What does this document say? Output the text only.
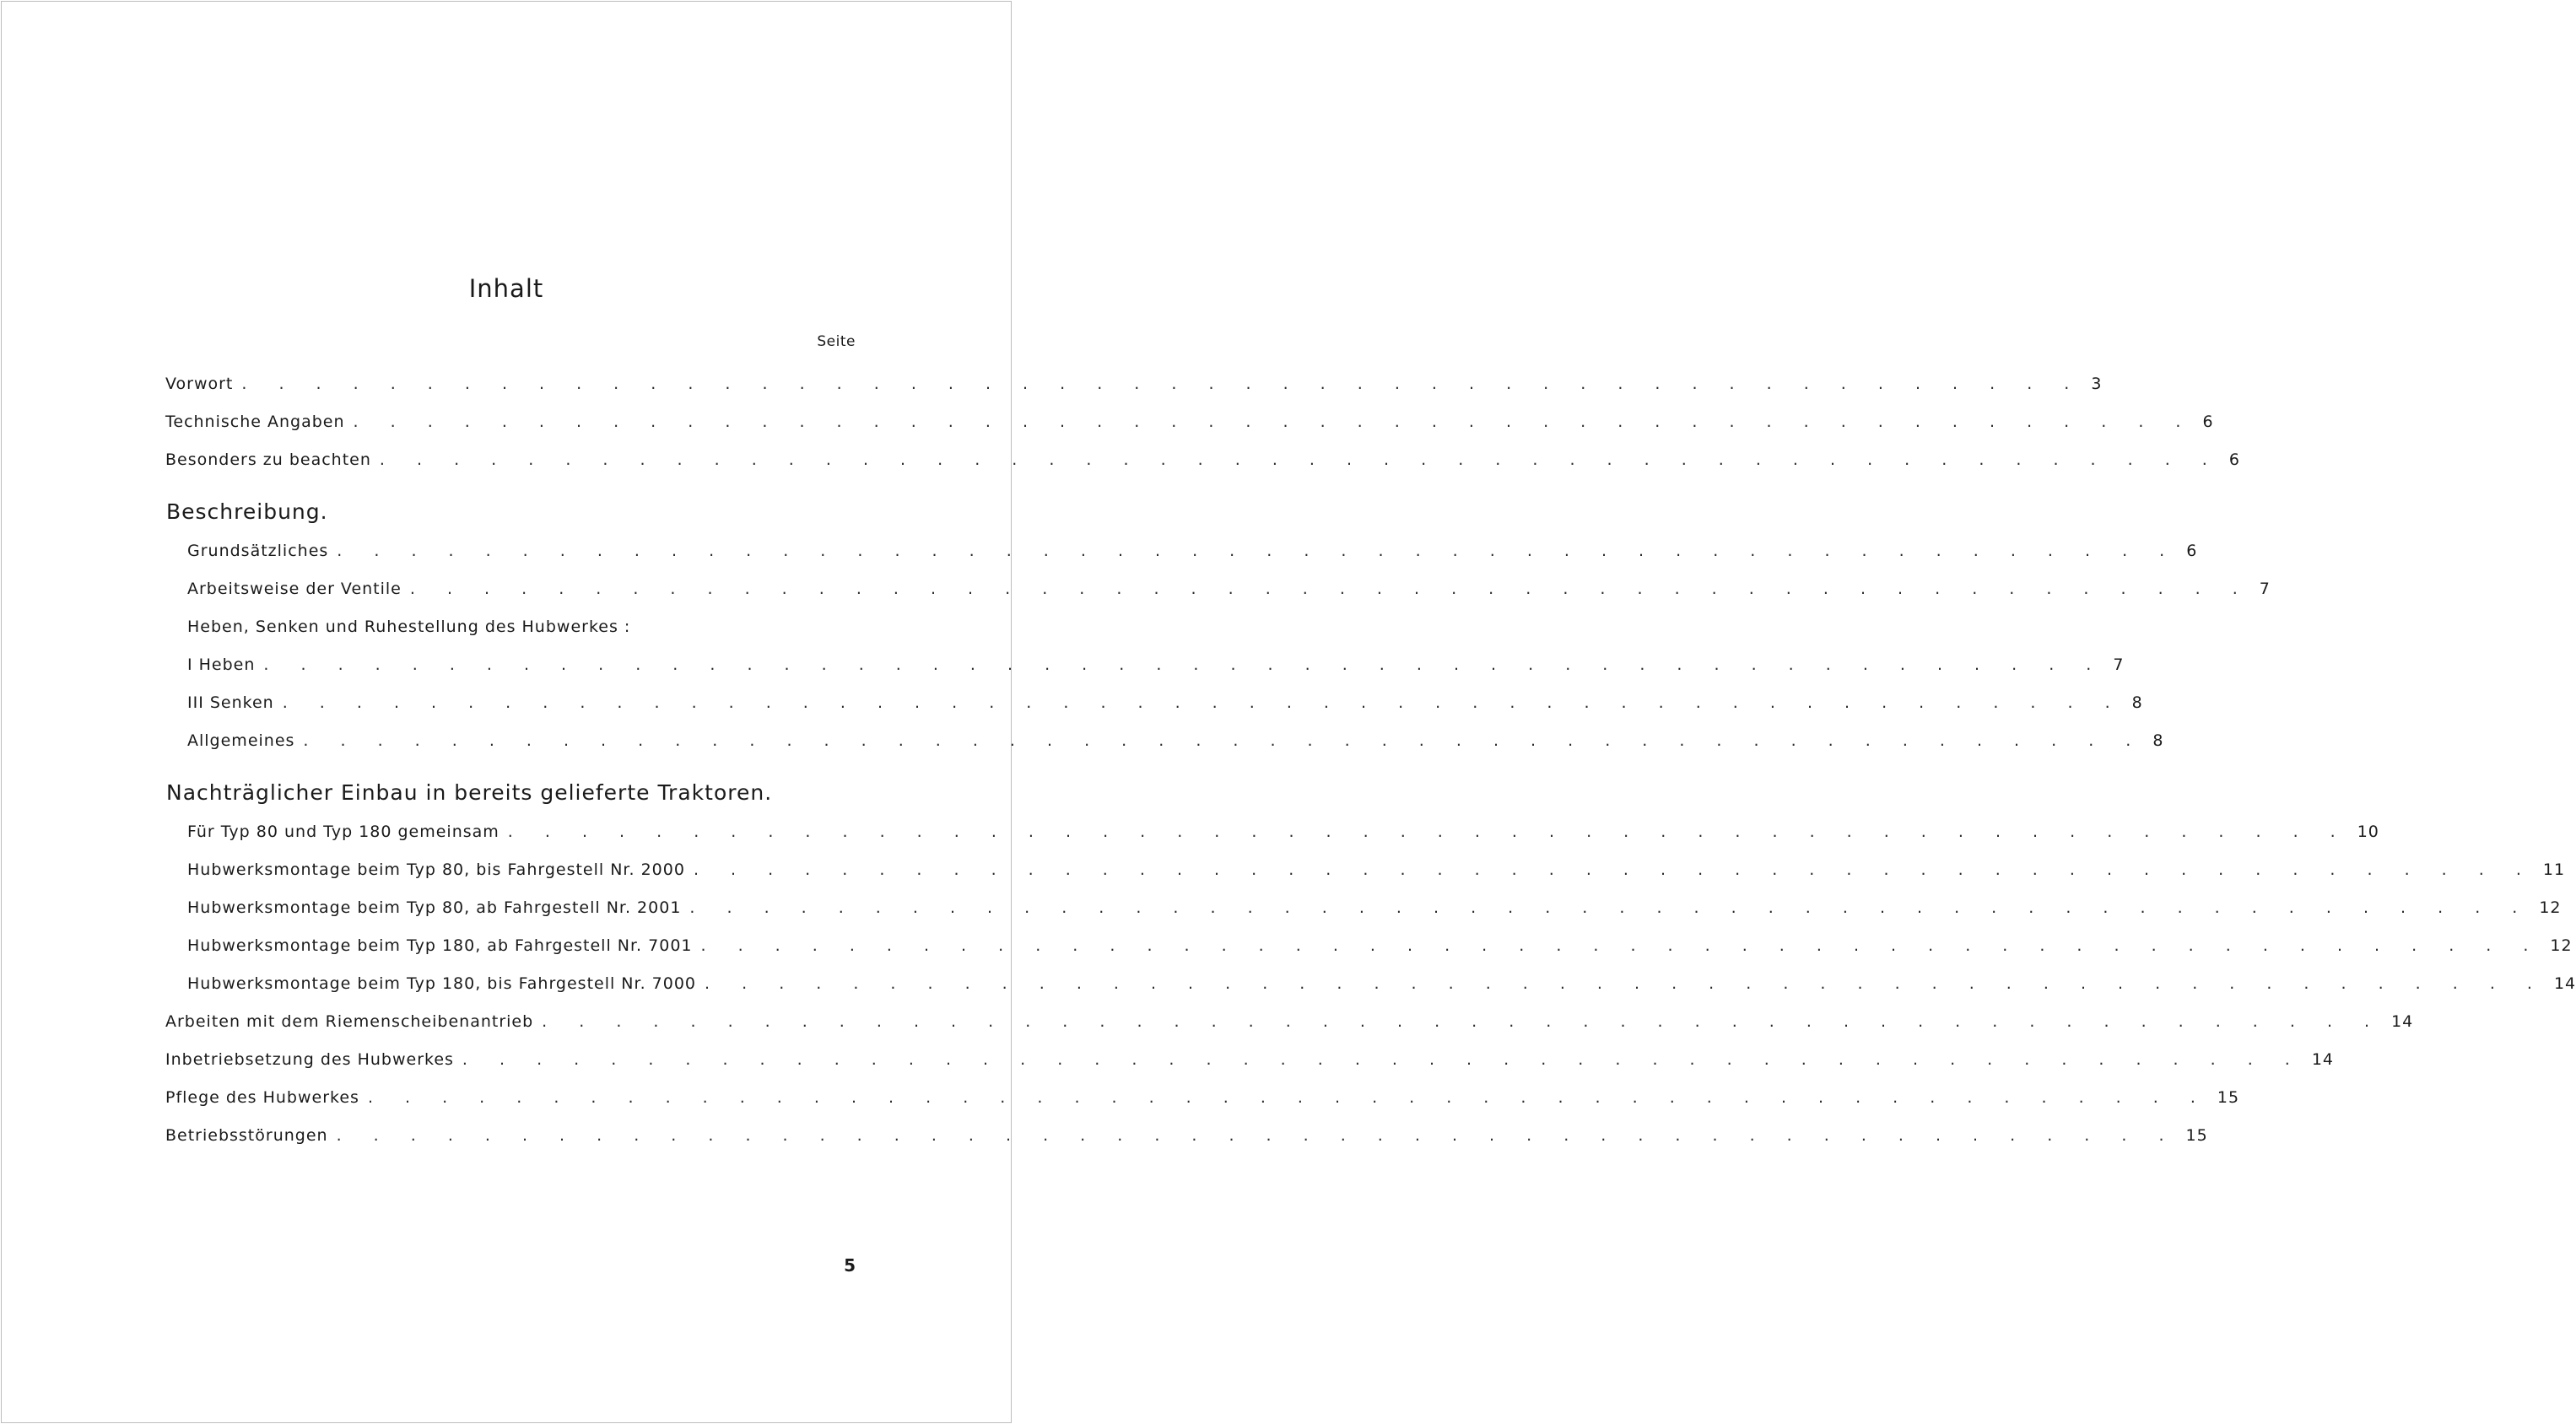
Inhalt
Seite
Vorwort . . . . . . . . . . . . . . . . . . . . . . . . . . . . . . . . . . . . . . . . . . . . . . . . . . 3
Technische Angaben . . . . . . . . . . . . . . . . . . . . . . . . . . . . . . . . . . . . . . . . . . . . . . . . . . 6
Besonders zu beachten . . . . . . . . . . . . . . . . . . . . . . . . . . . . . . . . . . . . . . . . . . . . . . . . . . 6
Beschreibung.
Grundsätzliches . . . . . . . . . . . . . . . . . . . . . . . . . . . . . . . . . . . . . . . . . . . . . . . . . . 6
Arbeitsweise der Ventile . . . . . . . . . . . . . . . . . . . . . . . . . . . . . . . . . . . . . . . . . . . . . . . . . . 7
Heben, Senken und Ruhestellung des Hubwerkes :
I Heben . . . . . . . . . . . . . . . . . . . . . . . . . . . . . . . . . . . . . . . . . . . . . . . . . . 7
III Senken . . . . . . . . . . . . . . . . . . . . . . . . . . . . . . . . . . . . . . . . . . . . . . . . . . 8
Allgemeines . . . . . . . . . . . . . . . . . . . . . . . . . . . . . . . . . . . . . . . . . . . . . . . . . . 8
Nachträglicher Einbau in bereits gelieferte Traktoren.
Für Typ 80 und Typ 180 gemeinsam . . . . . . . . . . . . . . . . . . . . . . . . . . . . . . . . . . . . . . . . . . . . . . . . . . 10
Hubwerksmontage beim Typ 80, bis Fahrgestell Nr. 2000 . . . . . . . . . . . . . . . . . . . . . . . . . . . . . . . . . . . . . . . . . . . . . . . . . . 11
Hubwerksmontage beim Typ 80, ab Fahrgestell Nr. 2001 . . . . . . . . . . . . . . . . . . . . . . . . . . . . . . . . . . . . . . . . . . . . . . . . . . 12
Hubwerksmontage beim Typ 180, ab Fahrgestell Nr. 7001 . . . . . . . . . . . . . . . . . . . . . . . . . . . . . . . . . . . . . . . . . . . . . . . . . . 12
Hubwerksmontage beim Typ 180, bis Fahrgestell Nr. 7000 . . . . . . . . . . . . . . . . . . . . . . . . . . . . . . . . . . . . . . . . . . . . . . . . . . 14
Arbeiten mit dem Riemenscheibenantrieb . . . . . . . . . . . . . . . . . . . . . . . . . . . . . . . . . . . . . . . . . . . . . . . . . . 14
Inbetriebsetzung des Hubwerkes . . . . . . . . . . . . . . . . . . . . . . . . . . . . . . . . . . . . . . . . . . . . . . . . . . 14
Pflege des Hubwerkes . . . . . . . . . . . . . . . . . . . . . . . . . . . . . . . . . . . . . . . . . . . . . . . . . . 15
Betriebsstörungen . . . . . . . . . . . . . . . . . . . . . . . . . . . . . . . . . . . . . . . . . . . . . . . . . . 15
5
